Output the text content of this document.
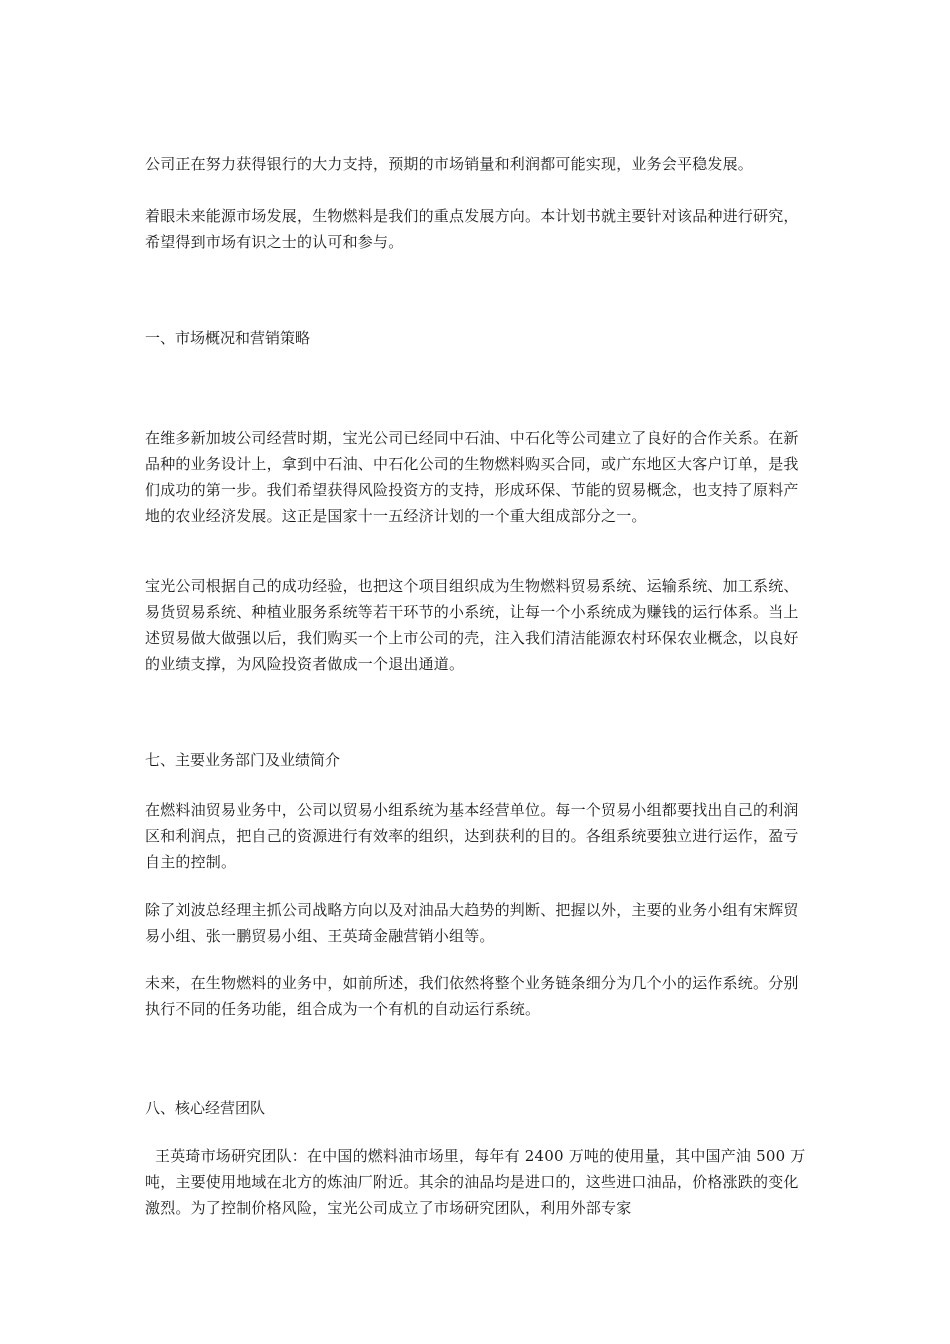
公司正在努力获得银行的大力支持，预期的市场销量和利润都可能实现，业务会平稳发展。

着眼未来能源市场发展，生物燃料是我们的重点发展方向。本计划书就主要针对该品种进行研究，希望得到市场有识之士的认可和参与。

一、市场概况和营销策略

在维多新加坡公司经营时期，宝光公司已经同中石油、中石化等公司建立了良好的合作关系。在新品种的业务设计上，拿到中石油、中石化公司的生物燃料购买合同，或广东地区大客户订单，是我们成功的第一步。我们希望获得风险投资方的支持，形成环保、节能的贸易概念，也支持了原料产地的农业经济发展。这正是国家十一五经济计划的一个重大组成部分之一。

宝光公司根据自己的成功经验，也把这个项目组织成为生物燃料贸易系统、运输系统、加工系统、易货贸易系统、种植业服务系统等若干环节的小系统，让每一个小系统成为赚钱的运行体系。当上述贸易做大做强以后，我们购买一个上市公司的壳，注入我们清洁能源农村环保农业概念，以良好的业绩支撑，为风险投资者做成一个退出通道。

七、主要业务部门及业绩简介

在燃料油贸易业务中，公司以贸易小组系统为基本经营单位。每一个贸易小组都要找出自己的利润区和利润点，把自己的资源进行有效率的组织，达到获利的目的。各组系统要独立进行运作，盈亏自主的控制。

除了刘波总经理主抓公司战略方向以及对油品大趋势的判断、把握以外，主要的业务小组有宋辉贸易小组、张一鹏贸易小组、王英琦金融营销小组等。

未来，在生物燃料的业务中，如前所述，我们依然将整个业务链条细分为几个小的运作系统。分别执行不同的任务功能，组合成为一个有机的自动运行系统。

八、核心经营团队

王英琦市场研究团队：在中国的燃料油市场里，每年有 2400 万吨的使用量，其中国产油 500 万吨，主要使用地域在北方的炼油厂附近。其余的油品均是进口的，这些进口油品，价格涨跌的变化激烈。为了控制价格风险，宝光公司成立了市场研究团队，利用外部专家
